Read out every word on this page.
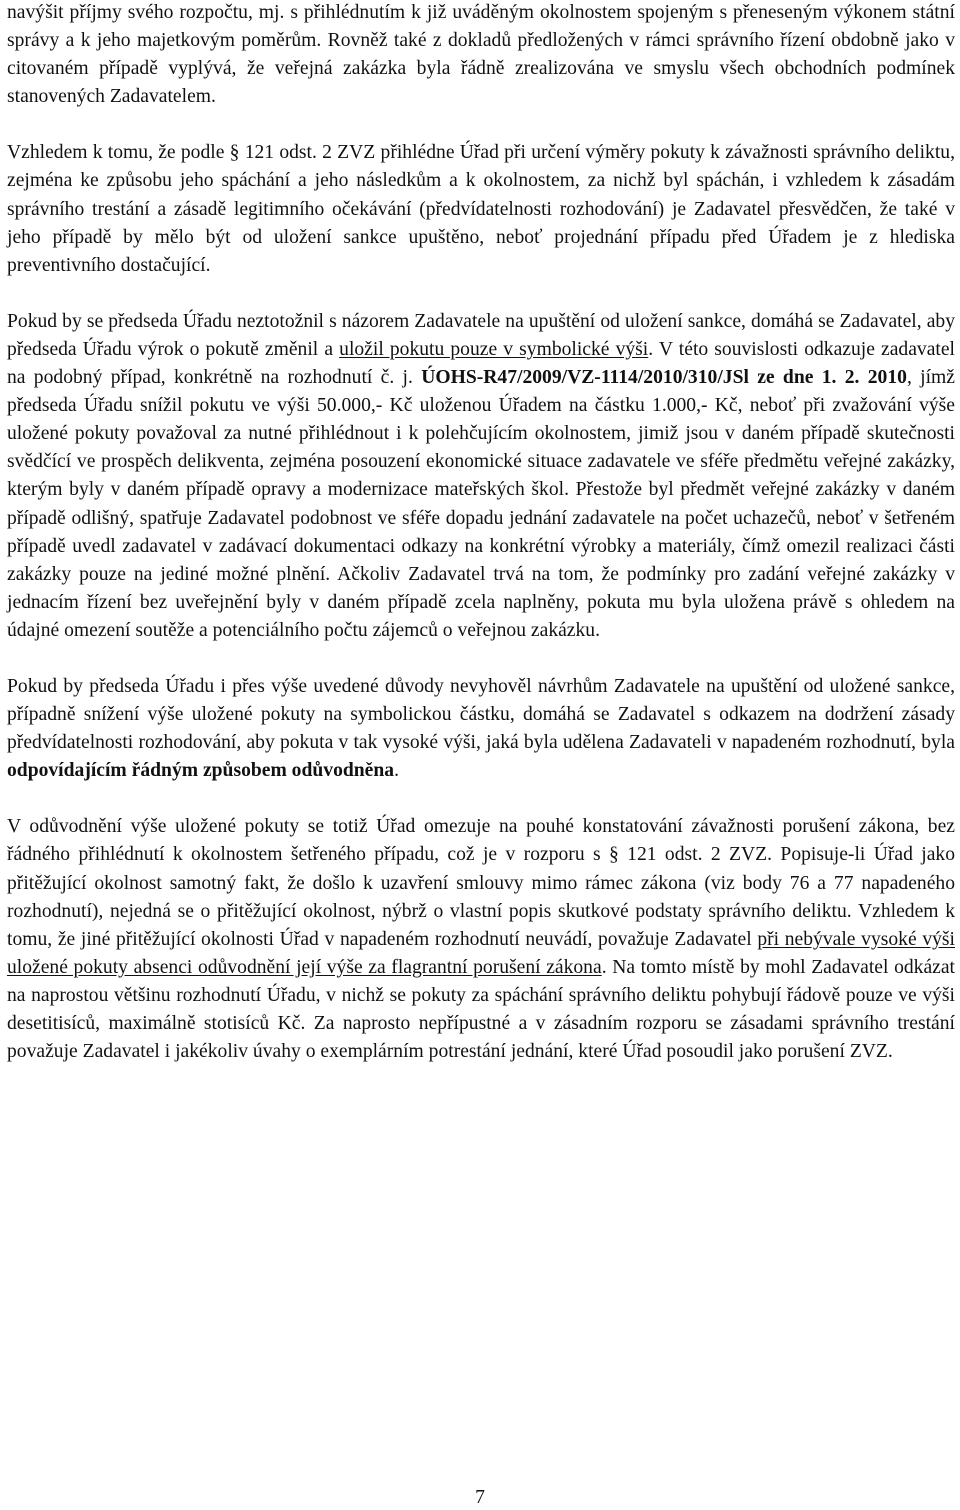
navýšit příjmy svého rozpočtu, mj. s přihlédnutím k již uváděným okolnostem spojeným s přeneseným výkonem státní správy a k jeho majetkovým poměrům. Rovněž také z dokladů předložených v rámci správního řízení obdobně jako v citovaném případě vyplývá, že veřejná zakázka byla řádně zrealizována ve smyslu všech obchodních podmínek stanovených Zadavatelem.

Vzhledem k tomu, že podle § 121 odst. 2 ZVZ přihlédne Úřad při určení výměry pokuty k závažnosti správního deliktu, zejména ke způsobu jeho spáchání a jeho následkům a k okolnostem, za nichž byl spáchán, i vzhledem k zásadám správního trestání a zásadě legitimního očekávání (předvídatelnosti rozhodování) je Zadavatel přesvědčen, že také v jeho případě by mělo být od uložení sankce upuštěno, neboť projednání případu před Úřadem je z hlediska preventivního dostačující.

Pokud by se předseda Úřadu neztotožnil s názorem Zadavatele na upuštění od uložení sankce, domáhá se Zadavatel, aby předseda Úřadu výrok o pokutě změnil a uložil pokutu pouze v symbolické výši. V této souvislosti odkazuje zadavatel na podobný případ, konkrétně na rozhodnutí č. j. ÚOHS-R47/2009/VZ-1114/2010/310/JSl ze dne 1. 2. 2010, jímž předseda Úřadu snížil pokutu ve výši 50.000,- Kč uloženou Úřadem na částku 1.000,- Kč, neboť při zvažování výše uložené pokuty považoval za nutné přihlédnout i k polehčujícím okolnostem, jimiž jsou v daném případě skutečnosti svědčící ve prospěch delikventa, zejména posouzení ekonomické situace zadavatele ve sféře předmětu veřejné zakázky, kterým byly v daném případě opravy a modernizace mateřských škol. Přestože byl předmět veřejné zakázky v daném případě odlišný, spatřuje Zadavatel podobnost ve sféře dopadu jednání zadavatele na počet uchazečů, neboť v šetřeném případě uvedl zadavatel v zadávací dokumentaci odkazy na konkrétní výrobky a materiály, čímž omezil realizaci části zakázky pouze na jediné možné plnění. Ačkoliv Zadavatel trvá na tom, že podmínky pro zadání veřejné zakázky v jednacím řízení bez uveřejnění byly v daném případě zcela naplněny, pokuta mu byla uložena právě s ohledem na údajné omezení soutěže a potenciálního počtu zájemců o veřejnou zakázku.

Pokud by předseda Úřadu i přes výše uvedené důvody nevyhověl návrhům Zadavatele na upuštění od uložené sankce, případně snížení výše uložené pokuty na symbolickou částku, domáhá se Zadavatel s odkazem na dodržení zásady předvídatelnosti rozhodování, aby pokuta v tak vysoké výši, jaká byla udělena Zadavateli v napadeném rozhodnutí, byla odpovídajícím řádným způsobem odůvodněna.

V odůvodnění výše uložené pokuty se totiž Úřad omezuje na pouhé konstatování závažnosti porušení zákona, bez řádného přihlédnutí k okolnostem šetřeného případu, což je v rozporu s § 121 odst. 2 ZVZ. Popisuje-li Úřad jako přitěžující okolnost samotný fakt, že došlo k uzavření smlouvy mimo rámec zákona (viz body 76 a 77 napadeného rozhodnutí), nejedná se o přitěžující okolnost, nýbrž o vlastní popis skutkové podstaty správního deliktu. Vzhledem k tomu, že jiné přitěžující okolnosti Úřad v napadeném rozhodnutí neuvádí, považuje Zadavatel při nebývale vysoké výši uložené pokuty absenci odůvodnění její výše za flagrantní porušení zákona. Na tomto místě by mohl Zadavatel odkázat na naprostou většinu rozhodnutí Úřadu, v nichž se pokuty za spáchání správního deliktu pohybují řádově pouze ve výši desetitisíců, maximálně stotisíců Kč. Za naprosto nepřípustné a v zásadním rozporu se zásadami správního trestání považuje Zadavatel i jakékoliv úvahy o exemplárním potrestání jednání, které Úřad posoudil jako porušení ZVZ.

7
